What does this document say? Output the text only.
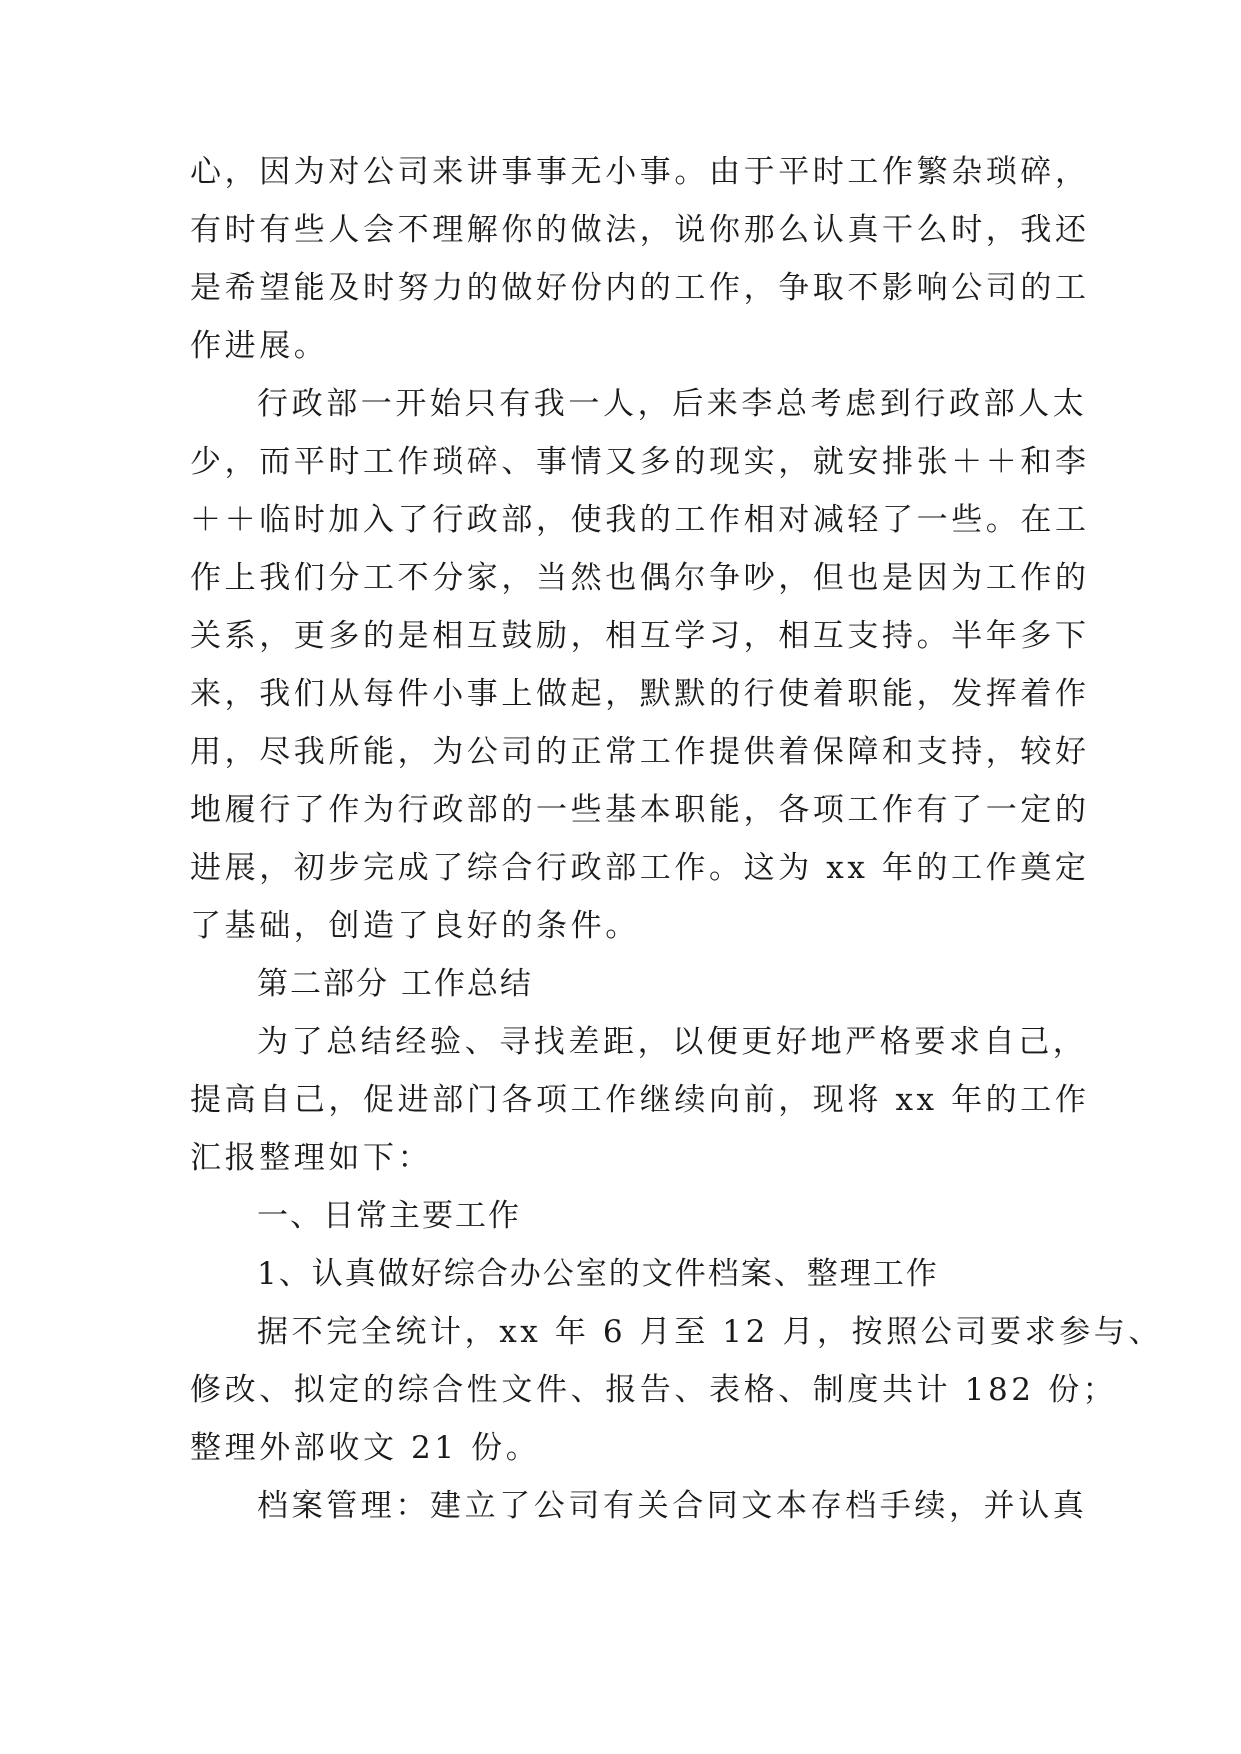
心，因为对公司来讲事事无小事。由于平时工作繁杂琐碎，
有时有些人会不理解你的做法，说你那么认真干么时，我还
是希望能及时努力的做好份内的工作，争取不影响公司的工
作进展。
行政部一开始只有我一人，后来李总考虑到行政部人太
少，而平时工作琐碎、事情又多的现实，就安排张＋＋和李
＋＋临时加入了行政部，使我的工作相对减轻了一些。在工
作上我们分工不分家，当然也偶尔争吵，但也是因为工作的
关系，更多的是相互鼓励，相互学习，相互支持。半年多下
来，我们从每件小事上做起，默默的行使着职能，发挥着作
用，尽我所能，为公司的正常工作提供着保障和支持，较好
地履行了作为行政部的一些基本职能，各项工作有了一定的
进展，初步完成了综合行政部工作。这为 xx 年的工作奠定
了基础，创造了良好的条件。
第二部分 工作总结
为了总结经验、寻找差距，以便更好地严格要求自己，
提高自己，促进部门各项工作继续向前，现将 xx 年的工作
汇报整理如下：
一、日常主要工作
1、认真做好综合办公室的文件档案、整理工作
据不完全统计，xx 年 6 月至 12 月，按照公司要求参与、
修改、拟定的综合性文件、报告、表格、制度共计 182 份；
整理外部收文 21 份。
档案管理：建立了公司有关合同文本存档手续，并认真
